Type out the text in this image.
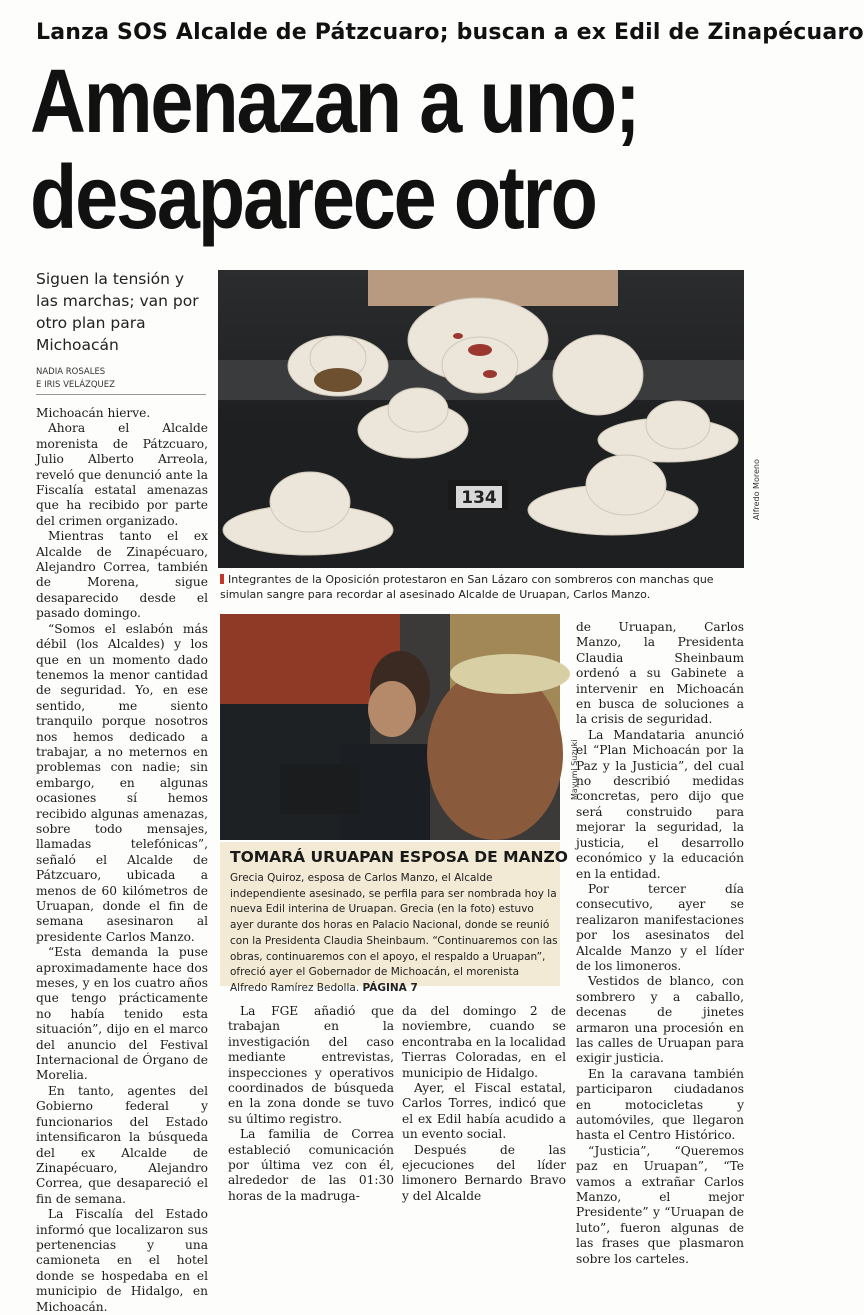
Lanza SOS Alcalde de Pátzcuaro; buscan a ex Edil de Zinapécuaro
Amenazan a uno;
desaparece otro
Siguen la tensión y las marchas; van por otro plan para Michoacán
NADIA ROSALES
E IRIS VELÁZQUEZ

Michoacán hierve.

Ahora el Alcalde morenista de Pátzcuaro, Julio Alberto Arreola, reveló que denunció ante la Fiscalía estatal amenazas que ha recibido por parte del crimen organizado.

Mientras tanto el ex Alcalde de Zinapécuaro, Alejandro Correa, también de Morena, sigue desaparecido desde el pasado domingo.

“Somos el eslabón más débil (los Alcaldes) y los que en un momento dado tenemos la menor cantidad de seguridad. Yo, en ese sentido, me siento tranquilo porque nosotros nos hemos dedicado a trabajar, a no meternos en problemas con nadie; sin embargo, en algunas ocasiones sí hemos recibido algunas amenazas, sobre todo mensajes, llamadas telefónicas”, señaló el Alcalde de Pátzcuaro, ubicada a menos de 60 kilómetros de Uruapan, donde el fin de semana asesinaron al presidente Carlos Manzo.

“Esta demanda la puse aproximadamente hace dos meses, y en los cuatro años que tengo prácticamente no había tenido esta situación”, dijo en el marco del anuncio del Festival Internacional de Órgano de Morelia.

En tanto, agentes del Gobierno federal y funcionarios del Estado intensificaron la búsqueda del ex Alcalde de Zinapécuaro, Alejandro Correa, que desapareció el fin de semana.

La Fiscalía del Estado informó que localizaron sus pertenencias y una camioneta en el hotel donde se hospedaba en el municipio de Hidalgo, en Michoacán.

134	Alfredo Moreno
Integrantes de la Oposición protestaron en San Lázaro con sombreros con manchas que simulan sangre para recordar al asesinado Alcalde de Uruapan, Carlos Manzo.
Mayumi Suzuki
TOMARÁ URUAPAN ESPOSA DE MANZO
Grecia Quiroz, esposa de Carlos Manzo, el Alcalde independiente asesinado, se perfila para ser nombrada hoy la nueva Edil interina de Uruapan. Grecia (en la foto) estuvo ayer durante dos horas en Palacio Nacional, donde se reunió con la Presidenta Claudia Sheinbaum. “Continuaremos con las obras, continuaremos con el apoyo, el respaldo a Uruapan”, ofreció ayer el Gobernador de Michoacán, el morenista Alfredo Ramírez Bedolla. PÁGINA 7

La FGE añadió que trabajan en la investigación del caso mediante entrevistas, inspecciones y operativos coordinados de búsqueda en la zona donde se tuvo su último registro.

La familia de Correa estableció comunicación por última vez con él, alrededor de las 01:30 horas de la madruga-

da del domingo 2 de noviembre, cuando se encontraba en la localidad Tierras Coloradas, en el municipio de Hidalgo.

Ayer, el Fiscal estatal, Carlos Torres, indicó que el ex Edil había acudido a un evento social.

Después de las ejecuciones del líder limonero Bernardo Bravo y del Alcalde

de Uruapan, Carlos Manzo, la Presidenta Claudia Sheinbaum ordenó a su Gabinete a intervenir en Michoacán en busca de soluciones a la crisis de seguridad.

La Mandataria anunció el “Plan Michoacán por la Paz y la Justicia”, del cual no describió medidas concretas, pero dijo que será construido para mejorar la seguridad, la justicia, el desarrollo económico y la educación en la entidad.

Por tercer día consecutivo, ayer se realizaron manifestaciones por los asesinatos del Alcalde Manzo y el líder de los limoneros.

Vestidos de blanco, con sombrero y a caballo, decenas de jinetes armaron una procesión en las calles de Uruapan para exigir justicia.

En la caravana también participaron ciudadanos en motocicletas y automóviles, que llegaron hasta el Centro Histórico.

“Justicia”, “Queremos paz en Uruapan”, “Te vamos a extrañar Carlos Manzo, el mejor Presidente” y “Uruapan de luto”, fueron algunas de las frases que plasmaron sobre los carteles.
